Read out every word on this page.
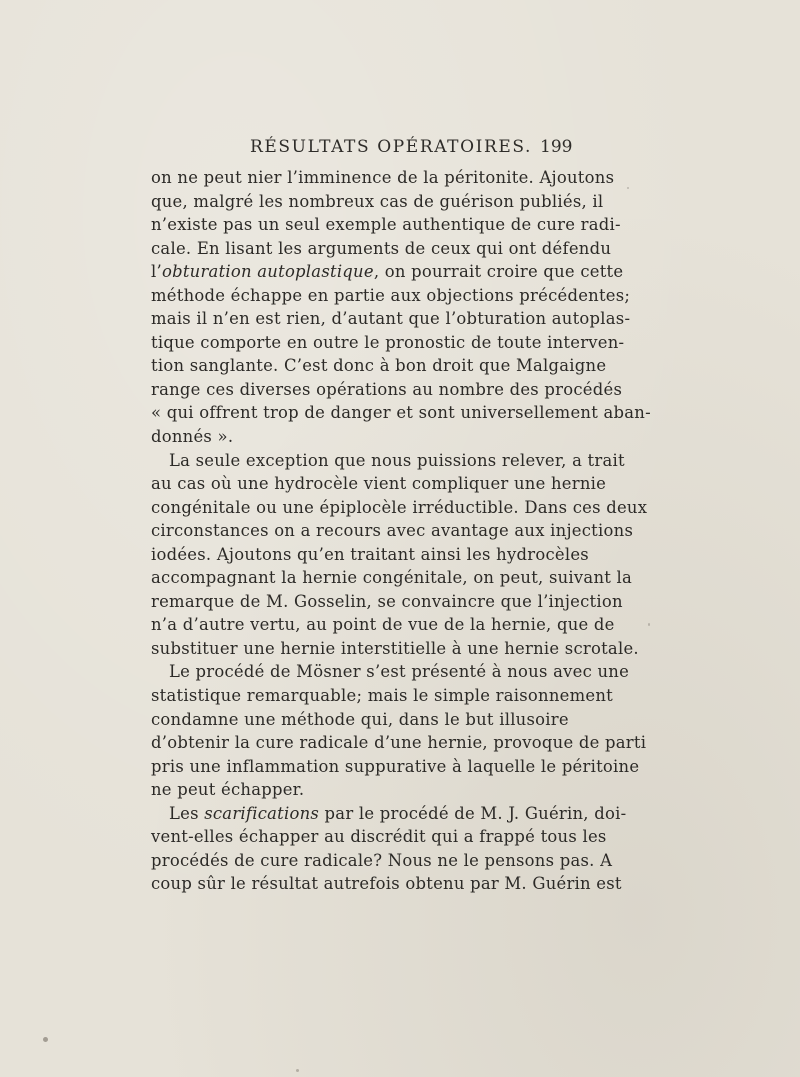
RÉSULTATS OPÉRATOIRES. 199
on ne peut nier l’imminence de la péritonite. Ajoutons
que, malgré les nombreux cas de guérison publiés, il
n’existe pas un seul exemple authentique de cure radi-
cale. En lisant les arguments de ceux qui ont défendu
l’obturation autoplastique, on pourrait croire que cette
méthode échappe en partie aux objections précédentes;
mais il n’en est rien, d’autant que l’obturation autoplas-
tique comporte en outre le pronostic de toute interven-
tion sanglante. C’est donc à bon droit que Malgaigne
range ces diverses opérations au nombre des procédés
« qui offrent trop de danger et sont universellement aban-
donnés ».
La seule exception que nous puissions relever, a trait
au cas où une hydrocèle vient compliquer une hernie
congénitale ou une épiplocèle irréductible. Dans ces deux
circonstances on a recours avec avantage aux injections
iodées. Ajoutons qu’en traitant ainsi les hydrocèles
accompagnant la hernie congénitale, on peut, suivant la
remarque de M. Gosselin, se convaincre que l’injection
n’a d’autre vertu, au point de vue de la hernie, que de
substituer une hernie interstitielle à une hernie scrotale.
Le procédé de Mösner s’est présenté à nous avec une
statistique remarquable; mais le simple raisonnement
condamne une méthode qui, dans le but illusoire
d’obtenir la cure radicale d’une hernie, provoque de parti
pris une inflammation suppurative à laquelle le péritoine
ne peut échapper.
Les scarifications par le procédé de M. J. Guérin, doi-
vent-elles échapper au discrédit qui a frappé tous les
procédés de cure radicale? Nous ne le pensons pas. A
coup sûr le résultat autrefois obtenu par M. Guérin est
